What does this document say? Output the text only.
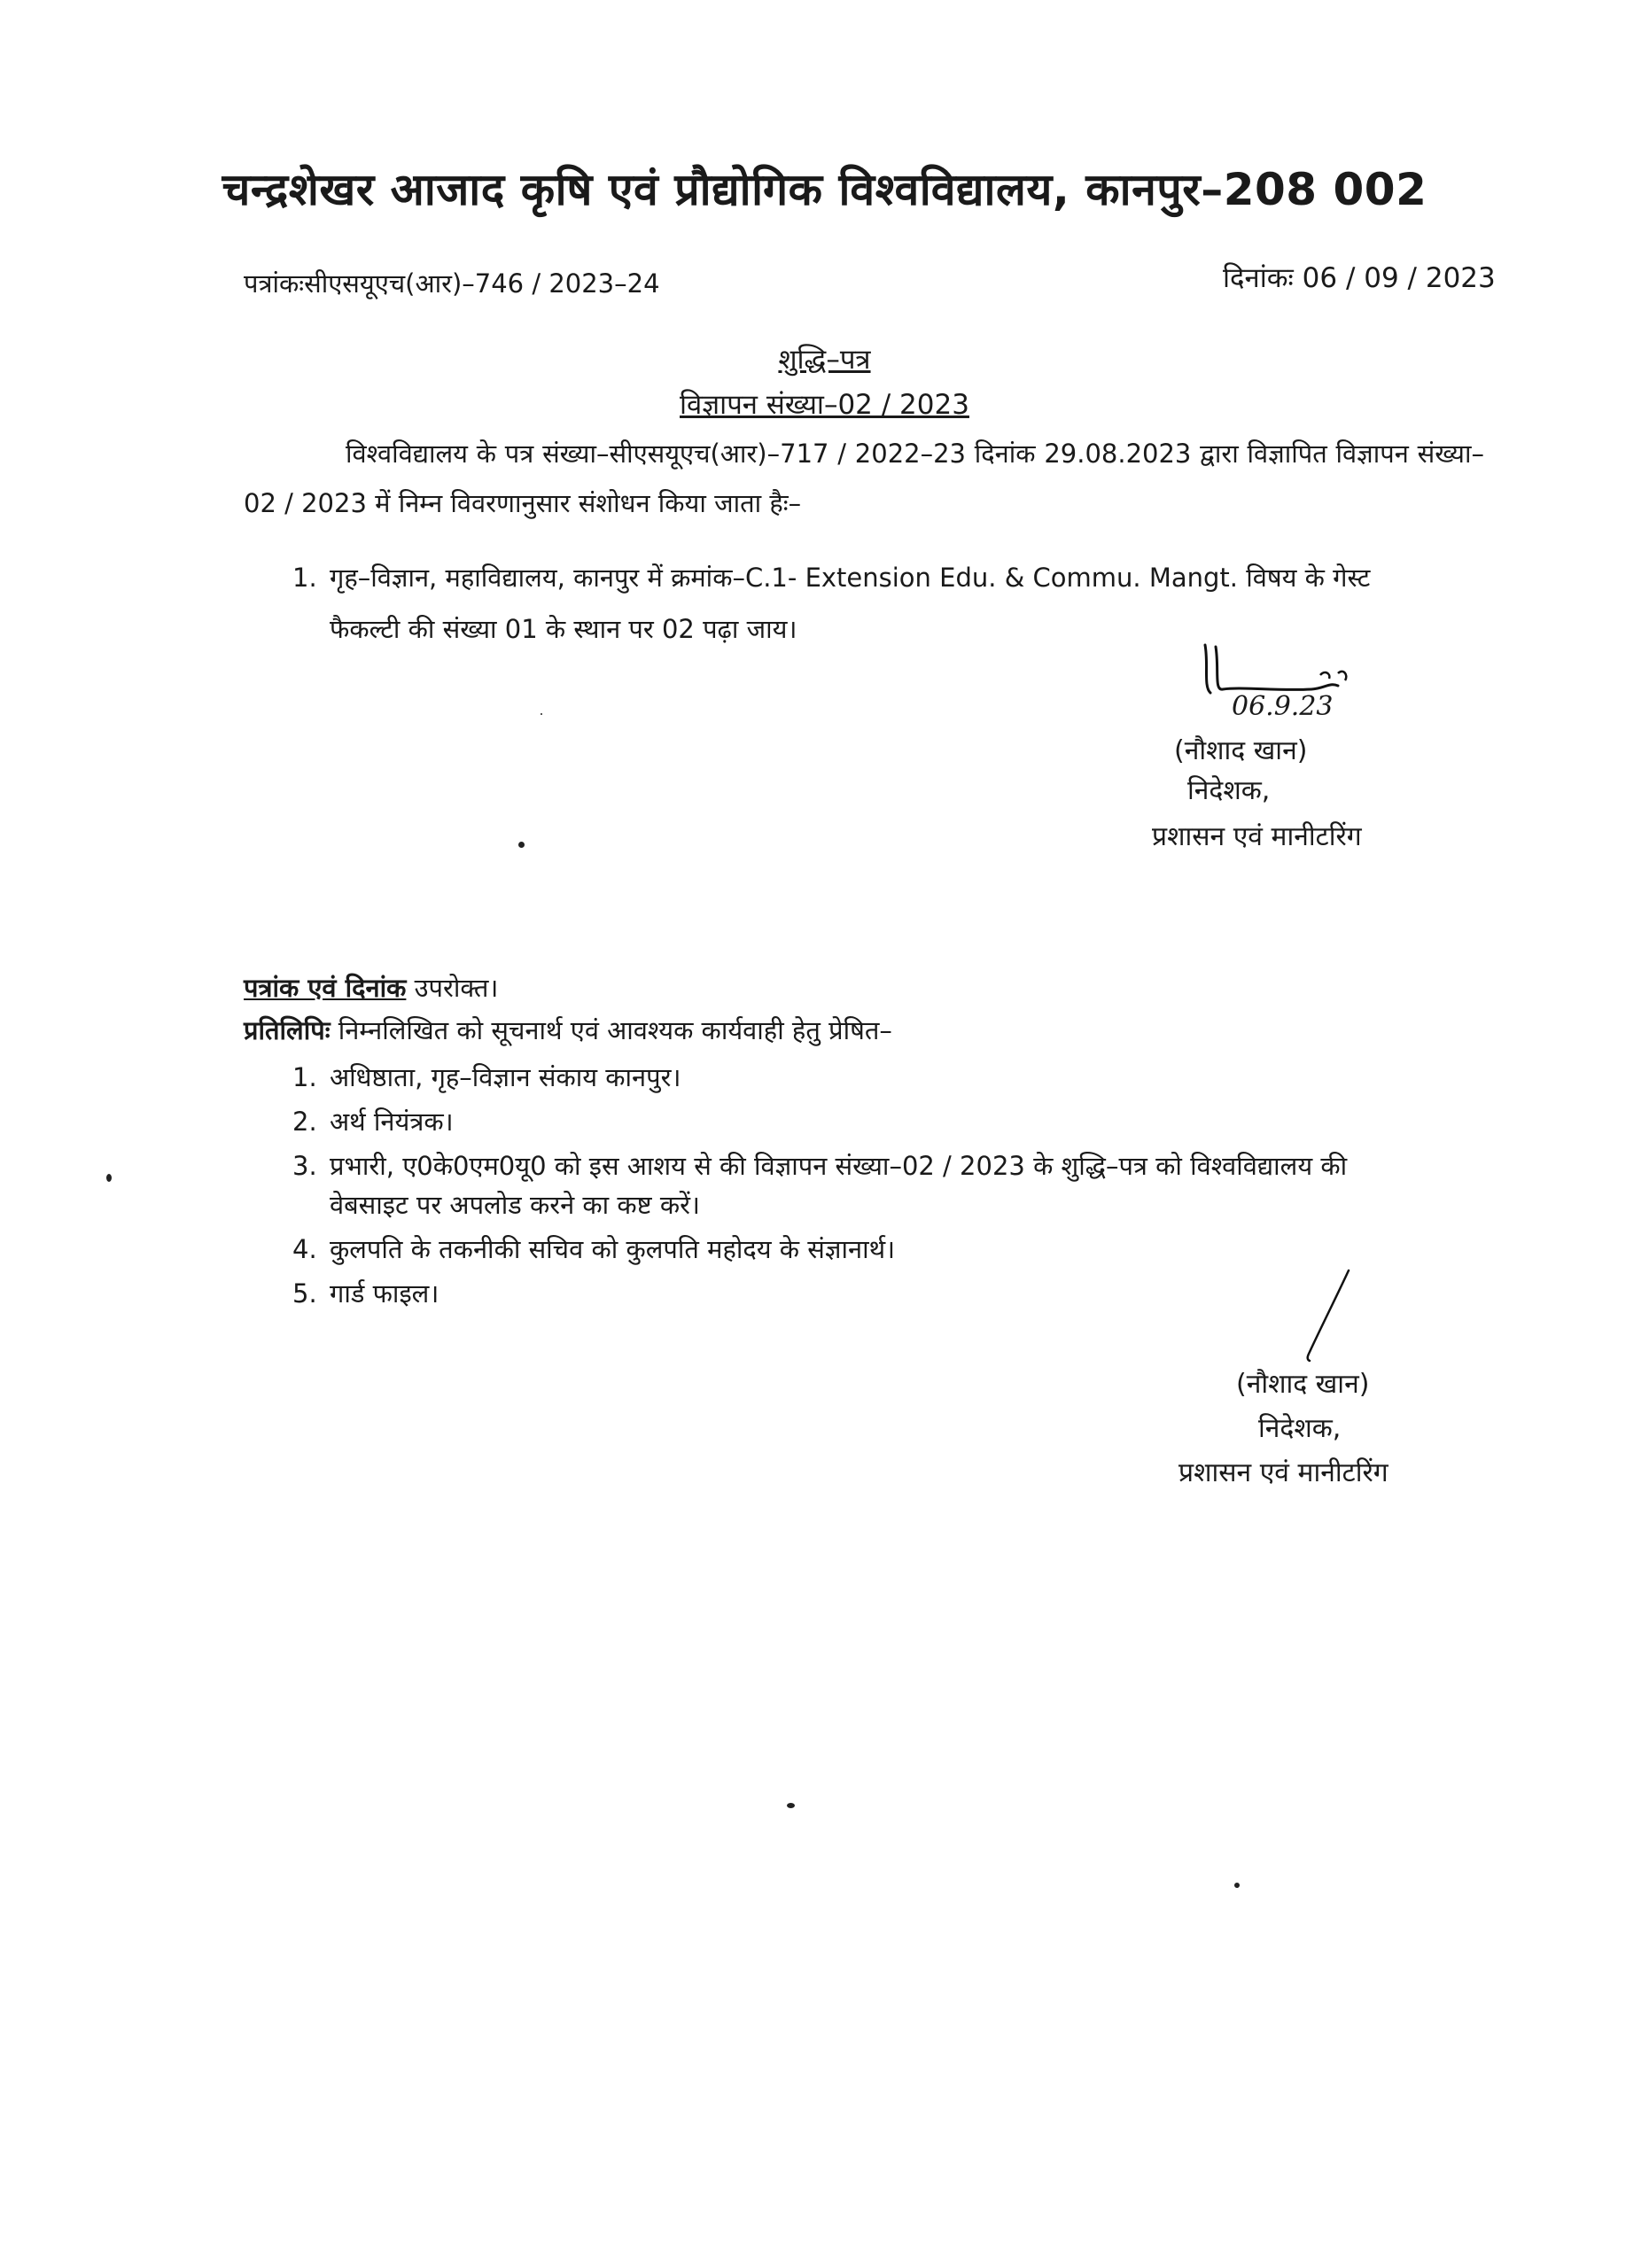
चन्द्रशेखर आजाद कृषि एवं प्रौद्योगिक विश्वविद्यालय, कानपुर–208 002
पत्रांकःसीएसयूएच(आर)–746 / 2023–24	दिनांकः 06 / 09 / 2023
शुद्धि–पत्र
विज्ञापन संख्या–02 / 2023
विश्वविद्यालय के पत्र संख्या–सीएसयूएच(आर)–717 / 2022–23 दिनांक 29.08.2023 द्वारा विज्ञापित विज्ञापन संख्या–02 / 2023 में निम्न विवरणानुसार संशोधन किया जाता हैः–
1. गृह–विज्ञान, महाविद्यालय, कानपुर में क्रमांक–C.1- Extension Edu. & Commu. Mangt. विषय के गेस्ट
फैकल्टी की संख्या 01 के स्थान पर 02 पढ़ा जाय।
06.9.23
(नौशाद खान)
निदेशक,
प्रशासन एवं मानीटरिंग
पत्रांक एवं दिनांक उपरोक्त।
प्रतिलिपिः निम्नलिखित को सूचनार्थ एवं आवश्यक कार्यवाही हेतु प्रेषित–
1. अधिष्ठाता, गृह–विज्ञान संकाय कानपुर।
2. अर्थ नियंत्रक।
3. प्रभारी, ए0के0एम0यू0 को इस आशय से की विज्ञापन संख्या–02 / 2023 के शुद्धि–पत्र को विश्वविद्यालय की
वेबसाइट पर अपलोड करने का कष्ट करें।
4. कुलपति के तकनीकी सचिव को कुलपति महोदय के संज्ञानार्थ।
5. गार्ड फाइल।
(नौशाद खान)
निदेशक,
प्रशासन एवं मानीटरिंग
